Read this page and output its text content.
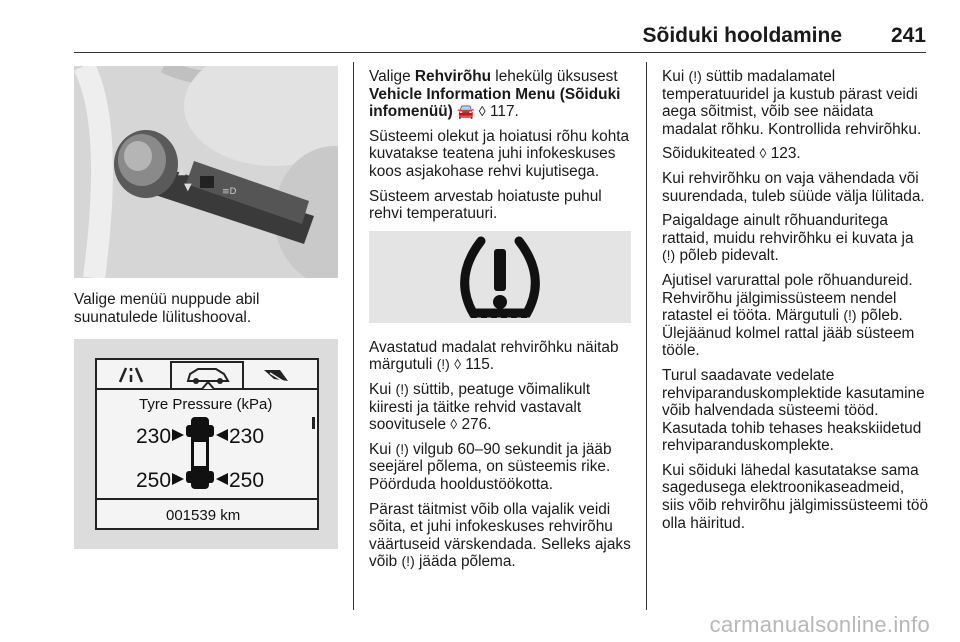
Sõiduki hooldamine 241
▲
▼	≡D
Valige menüü nuppude abil suunatulede lülitushooval.
Tyre Pressure (kPa)
230	230
250	250
001539 km

Valige Rehvirõhu lehekülg üksusest Vehicle Information Menu (Sõiduki infomenüü) 🚘 ◊ 117.

Süsteemi olekut ja hoiatusi rõhu kohta kuvatakse teatena juhi infokeskuses koos asjakohase rehvi kujutisega.

Süsteem arvestab hoiatuste puhul rehvi temperatuuri.

Avastatud madalat rehvirõhku näitab märgutuli (!) ◊ 115.

Kui (!) süttib, peatuge võimalikult kiiresti ja täitke rehvid vastavalt soovitusele ◊ 276.

Kui (!) vilgub 60–90 sekundit ja jääb seejärel põlema, on süsteemis rike. Pöörduda hooldustöökotta.

Pärast täitmist võib olla vajalik veidi sõita, et juhi infokeskuses rehvirõhu väärtuseid värskendada. Selleks ajaks võib (!) jääda põlema.

Kui (!) süttib madalamatel temperatuuridel ja kustub pärast veidi aega sõitmist, võib see näidata madalat rõhku. Kontrollida rehvirõhku.

Sõidukiteated ◊ 123.

Kui rehvirõhku on vaja vähendada või suurendada, tuleb süüde välja lülitada.

Paigaldage ainult rõhuanduritega rattaid, muidu rehvirõhku ei kuvata ja (!) põleb pidevalt.

Ajutisel varurattal pole rõhuandureid. Rehvirõhu jälgimissüsteem nendel ratastel ei tööta. Märgutuli (!) põleb. Ülejäänud kolmel rattal jääb süsteem tööle.

Turul saadavate vedelate rehviparanduskomplektide kasutamine võib halvendada süsteemi tööd. Kasutada tohib tehases heakskiidetud rehviparanduskomplekte.

Kui sõiduki lähedal kasutatakse sama sagedusega elektroonikaseadmeid, siis võib rehvirõhu jälgimissüsteemi töö olla häiritud.

carmanualsonline.info
